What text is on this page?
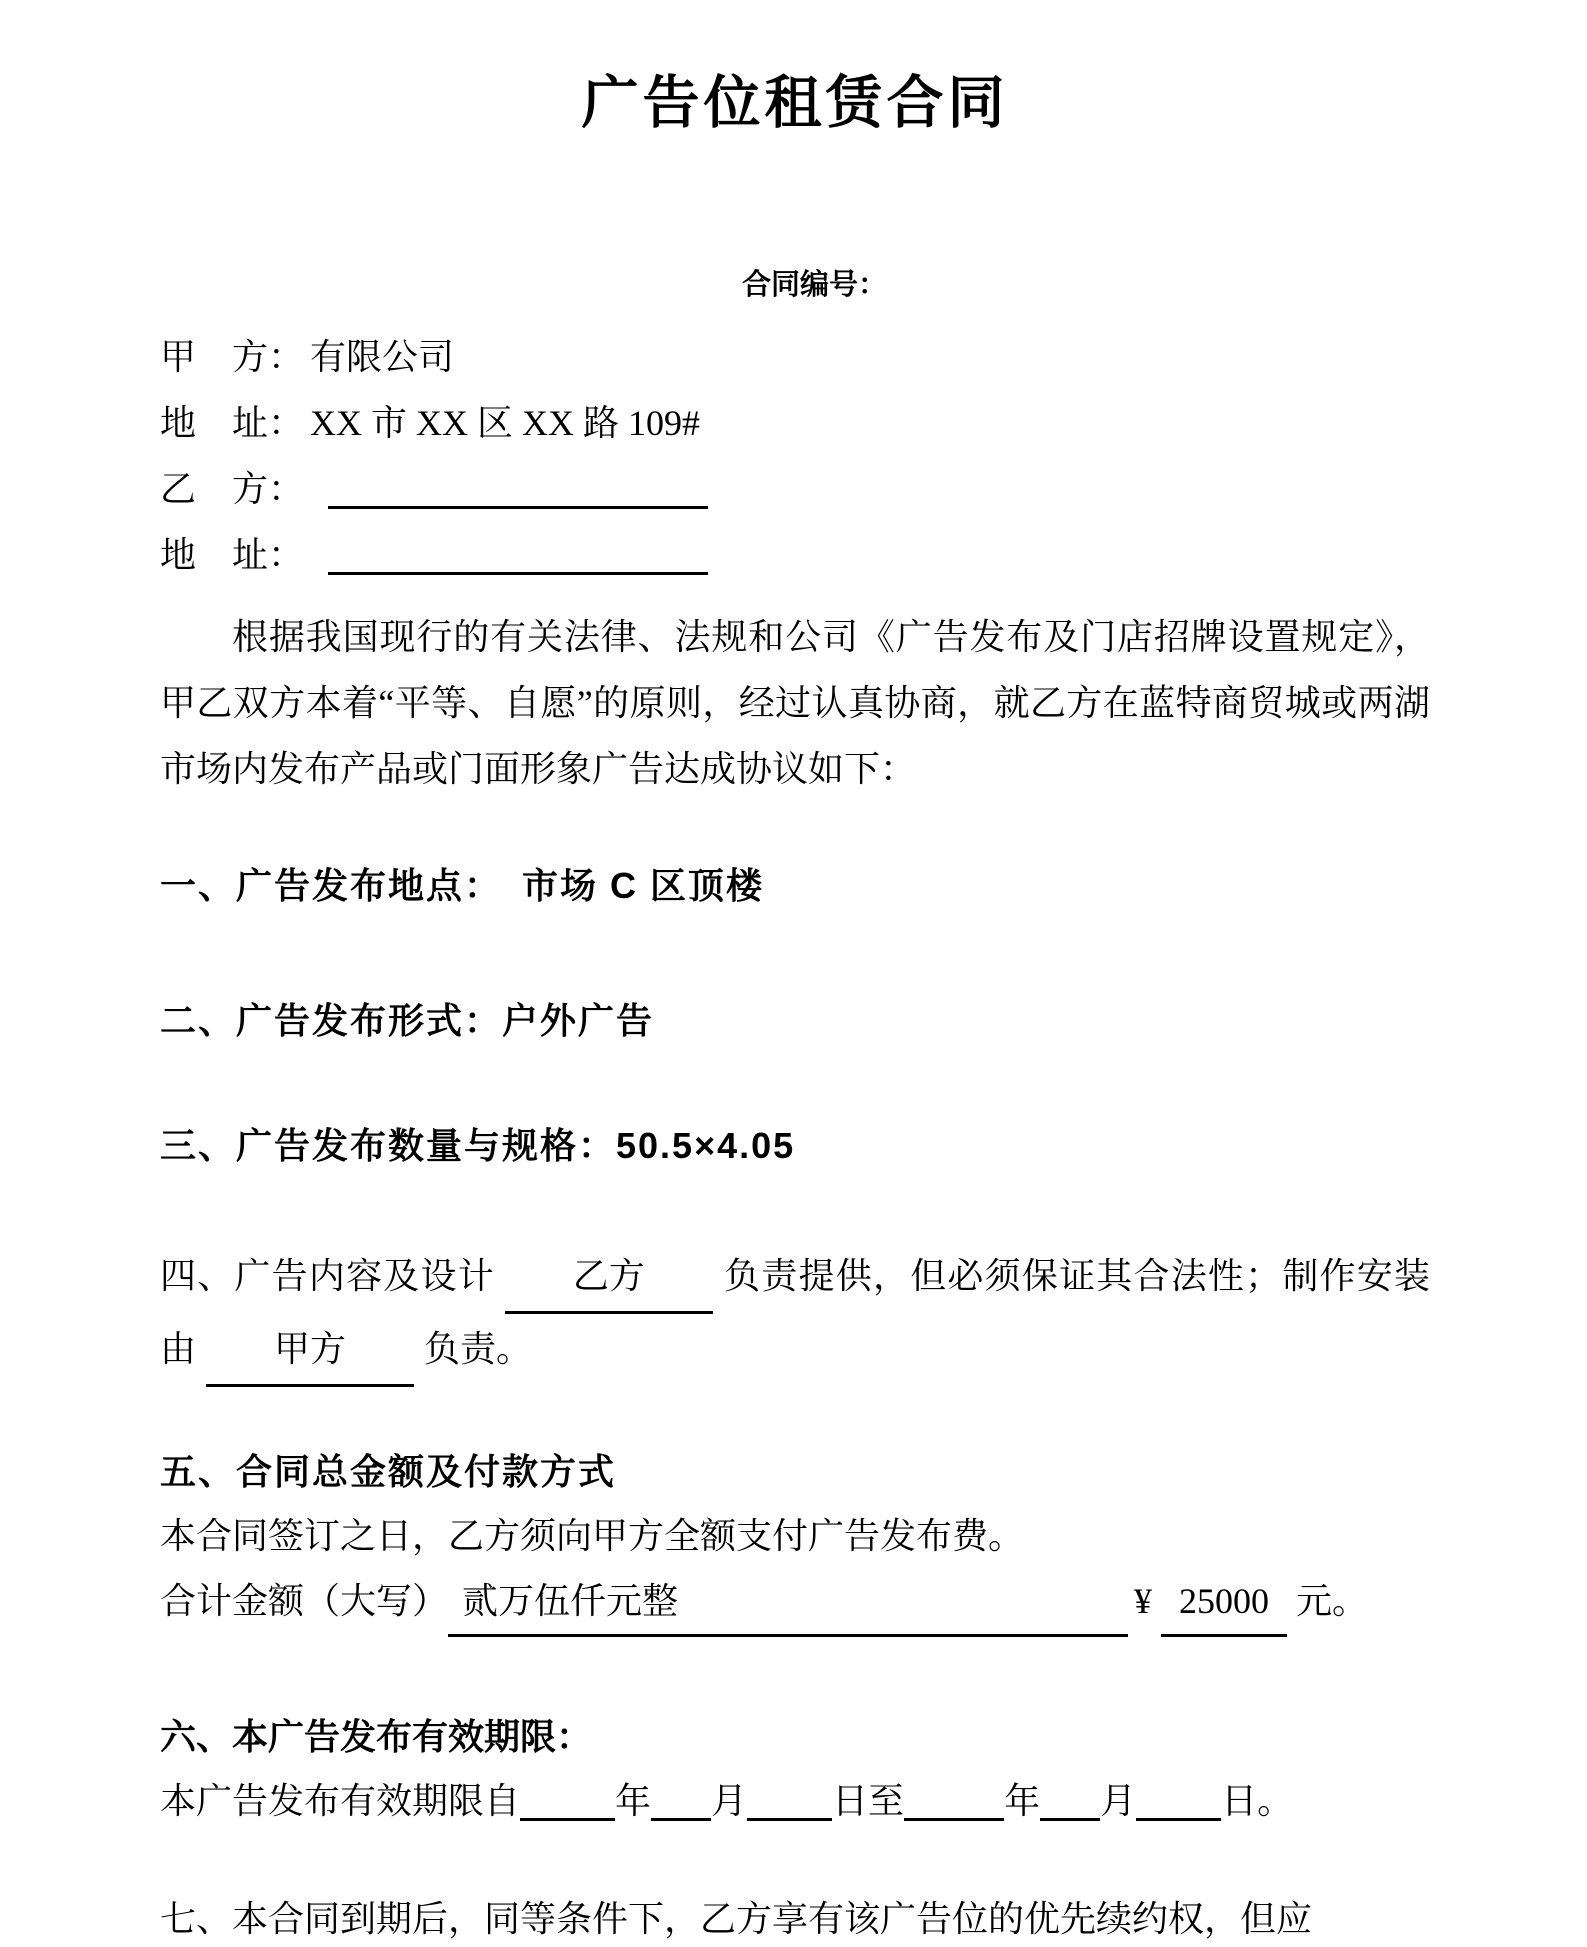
广告位租赁合同
合同编号：
甲　方： 有限公司
地　址： XX 市 XX 区 XX 路 109#
乙　方：
地　址：

根据我国现行的有关法律、法规和公司《广告发布及门店招牌设置规定》，甲乙双方本着“平等、自愿”的原则，经过认真协商，就乙方在蓝特商贸城或两湖市场内发布产品或门面形象广告达成协议如下：

一、广告发布地点：　市场 C 区顶楼
二、广告发布形式：户外广告
三、广告发布数量与规格：50.5×4.05

四、广告内容及设计 乙方 负责提供，但必须保证其合法性；制作安装由 甲方 负责。

五、合同总金额及付款方式
本合同签订之日，乙方须向甲方全额支付广告发布费。
合计金额（大写） 贰万伍仟元整	¥ 25000 元。
六、本广告发布有效期限：
本广告发布有效期限自	年 月 日至	年 月 日。
七、本合同到期后，同等条件下，乙方享有该广告位的优先续约权，但应
